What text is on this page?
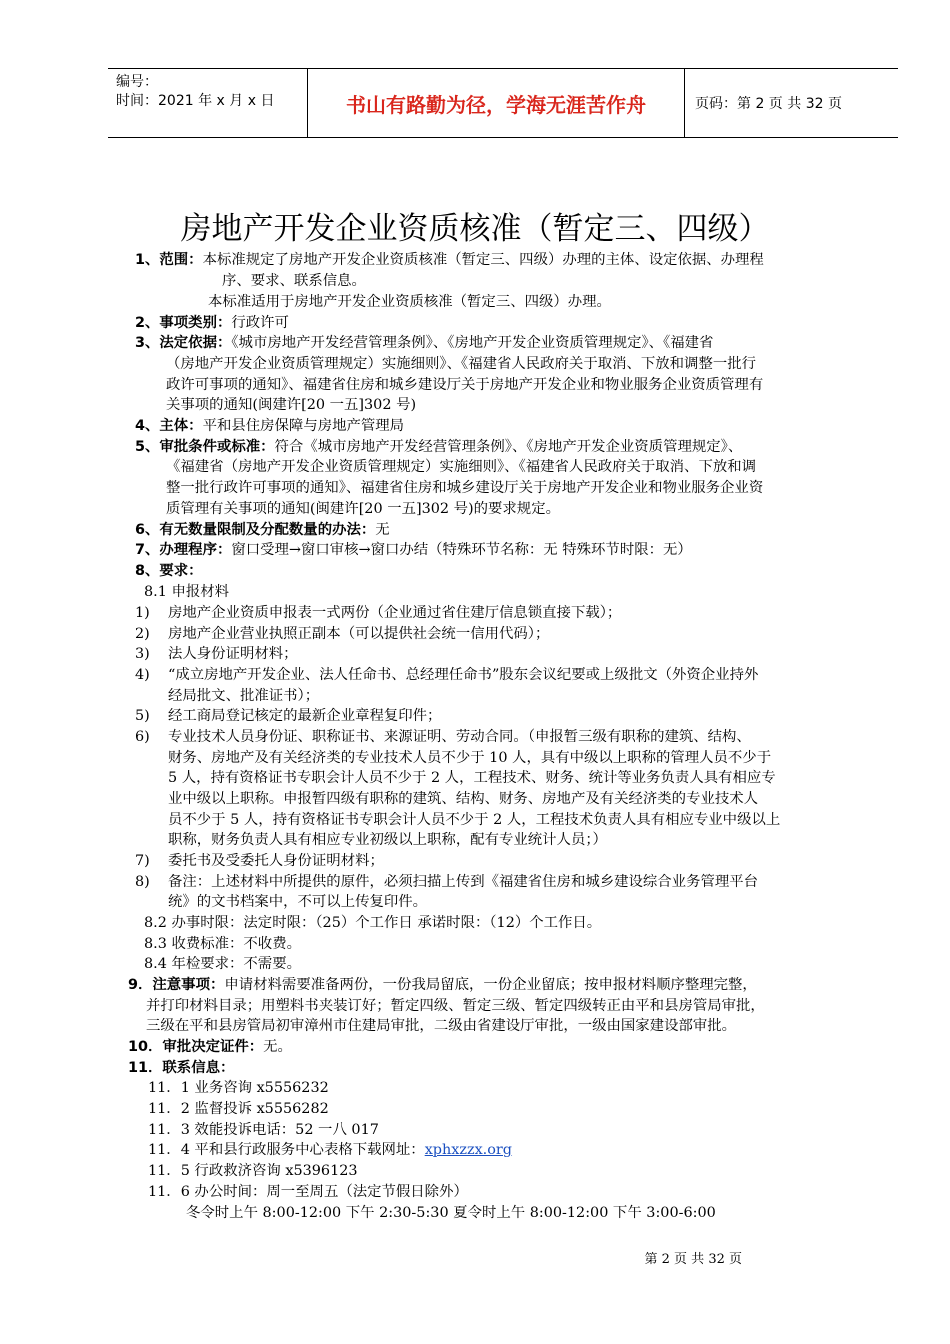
编号：
时间：2021 年 x 月 x 日	书山有路勤为径，学海无涯苦作舟	页码：第 2 页 共 32 页
房地产开发企业资质核准（暂定三、四级）
1、范围：本标准规定了房地产开发企业资质核准（暂定三、四级）办理的主体、设定依据、办理程
序、要求、联系信息。
本标准适用于房地产开发企业资质核准（暂定三、四级）办理。
2、事项类别：行政许可
3、法定依据：《城市房地产开发经营管理条例》、《房地产开发企业资质管理规定》、《福建省
（房地产开发企业资质管理规定）实施细则》、《福建省人民政府关于取消、下放和调整一批行
政许可事项的通知》、福建省住房和城乡建设厅关于房地产开发企业和物业服务企业资质管理有
关事项的通知(闽建许[20 一五]302 号)
4、主体：平和县住房保障与房地产管理局
5、审批条件或标准：符合《城市房地产开发经营管理条例》、《房地产开发企业资质管理规定》、
《福建省（房地产开发企业资质管理规定）实施细则》、《福建省人民政府关于取消、下放和调
整一批行政许可事项的通知》、福建省住房和城乡建设厅关于房地产开发企业和物业服务企业资
质管理有关事项的通知(闽建许[20 一五]302 号)的要求规定。
6、有无数量限制及分配数量的办法：无
7、办理程序：窗口受理→窗口审核→窗口办结（特殊环节名称：无 特殊环节时限：无）
8、要求：
8.1 申报材料
1) 房地产企业资质申报表一式两份（企业通过省住建厅信息锁直接下载）；
2) 房地产企业营业执照正副本（可以提供社会统一信用代码）；
3) 法人身份证明材料；
4) “成立房地产开发企业、法人任命书、总经理任命书”股东会议纪要或上级批文（外资企业持外
经局批文、批准证书）；
5) 经工商局登记核定的最新企业章程复印件；
6) 专业技术人员身份证、职称证书、来源证明、劳动合同。（申报暂三级有职称的建筑、结构、
财务、房地产及有关经济类的专业技术人员不少于 10 人，具有中级以上职称的管理人员不少于
5 人，持有资格证书专职会计人员不少于 2 人，工程技术、财务、统计等业务负责人具有相应专
业中级以上职称。申报暂四级有职称的建筑、结构、财务、房地产及有关经济类的专业技术人
员不少于 5 人，持有资格证书专职会计人员不少于 2 人，工程技术负责人具有相应专业中级以上
职称，财务负责人具有相应专业初级以上职称，配有专业统计人员；）
7) 委托书及受委托人身份证明材料；
8) 备注：上述材料中所提供的原件，必须扫描上传到《福建省住房和城乡建设综合业务管理平台
统》的文书档案中，不可以上传复印件。
8.2 办事时限：法定时限：（25）个工作日 承诺时限：（12）个工作日。
8.3 收费标准：不收费。
8.4 年检要求：不需要。
9．注意事项：申请材料需要准备两份，一份我局留底，一份企业留底；按申报材料顺序整理完整，
并打印材料目录；用塑料书夹装订好；暂定四级、暂定三级、暂定四级转正由平和县房管局审批，
三级在平和县房管局初审漳州市住建局审批，二级由省建设厅审批，一级由国家建设部审批。
10．审批决定证件：无。
11．联系信息：
11．1 业务咨询 x5556232
11．2 监督投诉 x5556282
11．3 效能投诉电话：52 一八 017
11．4 平和县行政服务中心表格下载网址：xphxzzx.org
11．5 行政救济咨询 x5396123
11．6 办公时间：周一至周五（法定节假日除外）
冬令时上午 8:00-12:00 下午 2:30-5:30 夏令时上午 8:00-12:00 下午 3:00-6:00
第 2 页 共 32 页
